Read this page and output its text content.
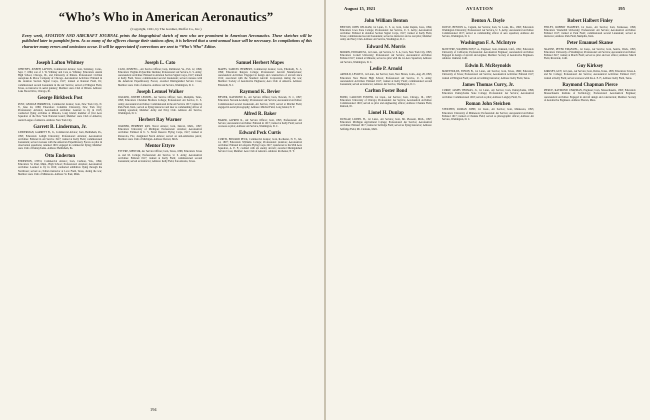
“Who’s Who in American Aeronautics”
(Copyright, 1921, by The Gardner, Moffat Co., Inc.)
Every week, AVIATION AND AIRCRAFT JOURNAL prints the biographical sketch of men who are prominent in American Aeronautics. These sketches will be published later in pamphlet form. As so many of the officers change their stations often, it is believed that a semi-annual issue will be necessary. In compilations of this character many errors and omissions occur. It will be appreciated if corrections are sent to “Who’s Who” Editor.
Joseph Lafton Whitney
WHITNEY, JOSEPH LAFTON, Commercial Aviator; born, Salisbury, Conn., Sept. 7, 1894; son of J. W. Whitney and Cora A. Whitney. Education: Austin High School, Chicago, Ill., and University of Illinois. Professional: Civilian Aeroplane & Motor Company of Chicago. Aeronautical Activities: Enlisted in the Aviation Section Signal Corps, 1917; trained at Rantoul Field, Ill.; commissioned second Lieutenant in the Air Service; served at Ellington Field, Texas, as instructor in aerial gunnery; Member: Aero Club of Illinois. Address: Lake Shore Drive, Chicago, Ill.
George Birkbeck Post
POST, GEORGE BIRKBECK, Commercial Aviator; born, New York City, N. Y., June 24, 1889; Education: Columbia University, New York City; Professional: Aviation; Aeronautical Activities: Learned to fly in 1913; conducted flying activities at Mineola, Long Island; member of first Aero Squadron of the New York National Guard; Member: Aero Club of America; Aerial League of America. Address: New York City.
Garrett B. Linderman, Jr.
LINDERMAN, GARRETT B., Jr., Commercial Aviator; born, Bethlehem, Pa., 1895; Education: Lehigh University; Professional: Aviation; Aeronautical Activities: Enlisted in Air Service 1917; trained at Kelly Field; commissioned Lieutenant; served overseas with the American Expeditionary Forces as pilot in observation squadrons; returned 1919; engaged in commercial flying; Member: Aero Club of Pennsylvania. Address: Bethlehem, Pa.
Otto Enderton
ENDERTON, OTTO, Commercial Aviator; born, Cashton, Wis., 1894; Education: St. Paul, Minn., High School; Professional: Aviation; Aeronautical Activities: Learned to fly in 1916; conducted exhibition flying through the Northwest; served as civilian instructor at Love Field, Texas, during the war; Member: Aero Club of Minnesota. Address: St. Paul, Minn.
Joseph L. Cato
CATO, JOSEPH L., Air Service Officer; born, Richmond, Va., Feb. 12, 1896; Education: Virginia Polytechnic Institute; Professional: Air Service, U. S. Army; Aeronautical Activities: Enlisted in Aviation Section Signal Corps, 1917; trained at Kelly Field, Texas; commissioned second Lieutenant; served overseas with the American Expeditionary Forces; awarded Distinguished Service Cross; Member: Aero Club of America. Address: Air Service, Washington, D. C.
Joseph Lemuel Walker
WALKER, JOSEPH LEMUEL, Air Service Officer; born, Memphis, Tenn., 1893; Education: Christian Brothers College; Professional: Air Service, U. S. Army; Aeronautical Activities: Commissioned in the Air Service 1917; trained at Park Field, Tenn.; served as flying instructor and later as commanding officer of training squadron; Member: Army and Navy Club. Address: Air Service, Washington, D. C.
Herbert Ray Warner
WARNER, HERBERT RAY, Naval Aviator; born, Detroit, Mich., 1897; Education: University of Michigan; Professional: Aviation; Aeronautical Activities: Enlisted in U. S. Naval Reserve Flying Corps, 1917; trained at Pensacola, Fla.; designated Naval Aviator; served on anti-submarine patrol; Member: Aero Club of Michigan. Address: Detroit, Mich.
Mentor Ettyre
ETTYRE, MENTOR, Air Service Officer; born, Texas, 1896; Education: Texas A. and M. College; Professional: Air Service, U. S. Army; Aeronautical Activities: Enlisted 1917; trained at Kelly Field; commissioned second Lieutenant; served as instructor; Address: Kelly Field, San Antonio, Texas.
Samuel Herbert Mapes
MAPES, SAMUEL HERBERT, Commercial Aviator; born, Elizabeth, N. J., 1890; Education: Rutgers College; Professional: Aircraft Manufacturer; Aeronautical Activities: Engaged in design and construction of aircraft since 1912; associated with the Standard Aircraft Corporation during the war; Member: Society of Automotive Engineers; Aero Club of America. Address: Elizabeth, N. J.
Raymond K. Bevier
BEVIER, RAYMOND K., Air Service Officer; born, Newark, N. J., 1897; Education: Newark Academy; Professional: Air Service; Aeronautical Activities: Commissioned second Lieutenant, Air Service, 1918; served at Mitchel Field; engaged in aerial photography; Address: Mitchel Field, Long Island, N. Y.
Alfred R. Baker
BAKER, ALFRED R., Air Service Officer; born, 1895; Professional: Air Service; Aeronautical Activities: Enlisted in 1917; trained at Kelly Field; served overseas as pilot; Address: Air Service, Washington, D. C.
Edward Peck Curtis
CURTIS, EDWARD PECK, Commercial Aviator; born, Rochester, N. Y., Jan. 14, 1897; Education: Williams College; Professional: Aviation; Aeronautical Activities: Enlisted in Lafayette Flying Corps 1917; transferred to the 95th Aero Squadron, A. E. F.; credited with six enemy aircraft; awarded Distinguished Service Cross; Member: Aero Club of America. Address: Rochester, N. Y.
194
August 15, 1921	AVIATION	195
John William Benton
BENTON, JOHN WILLIAM, 1st Lieut., U. S. A.; born, Cedar Rapids, Iowa, 1894; Education: Iowa State College; Professional: Air Service, U. S. Army; Aeronautical Activities: Enlisted in Aviation Section Signal Corps, 1917; trained at Kelly Field, Texas; commissioned second Lieutenant; served as instructor and as test pilot; Member: Army and Navy Club. Address: Air Service, Washington, D. C.
Edward M. Morris
MORRIS, EDWARD M., 1st Lieut., Air Service, U. S. A.; born, New York City, 1895; Education: Cornell University; Professional: Air Service; Aeronautical Activities: Enlisted 1917; trained at Mineola; served as pilot with the 1st Aero Squadron; Address: Air Service, Washington, D. C.
Leslie P. Arnold
ARNOLD, LESLIE P., 1st Lieut., Air Service; born, New Haven, Conn., Aug. 28, 1893; Education: New Haven High School; Professional: Air Service, U. S. Army; Aeronautical Activities: Enlisted 1917; trained at Kelly Field; commissioned second Lieutenant; served as instructor; Address: Air Service, Washington, D. C.
Carlton Foster Bond
BOND, CARLTON FOSTER, 1st Lieut., Air Service; born, Chicago, Ill., 1897; Education: University of Chicago; Professional: Air Service; Aeronautical Activities: Commissioned 1918; served as pilot and engineering officer; Address: Chanute Field, Rantoul, Ill.
Lionel H. Dunlap
DUNLAP, LIONEL H., 1st Lieut., Air Service; born, Mt. Pleasant, Mich., 1897; Education: Michigan Agricultural College; Professional: Air Service; Aeronautical Activities: Enlisted 1917; trained at Selfridge Field; served as flying instructor; Address: Selfridge Field, Mt. Clemens, Mich.
Benton A. Doyle
DOYLE, BENTON A., Captain, Air Service; born, St. Louis, Mo., 1893; Education: Washington University; Professional: Air Service, U. S. Army; Aeronautical Activities: Commissioned 1917; served as commanding officer of aero squadron; Address: Air Service, Washington, D. C.
Washington F. A. McIntyre
McINTYRE, WASHINGTON F. A., Engineer; born, Oakland, Calif., 1891; Education: University of California; Professional: Aeronautical Engineer; Aeronautical Activities: Engaged in design of aircraft and engines; Member: Society of Automotive Engineers. Address: Oakland, Calif.
Edwin B. McReynolds
McREYNOLDS, EDWIN B., 1st Lieut., Air Service; born, Texas, 1896; Education: University of Texas; Professional: Air Service; Aeronautical Activities: Enlisted 1917; trained at Ellington Field; served as bombing instructor; Address: Kelly Field, Texas.
James Thomas Curry, Jr.
CURRY, JAMES THOMAS, Jr., 1st Lieut., Air Service; born, Pennsylvania, 1896; Education: Pennsylvania State College; Professional: Air Service; Aeronautical Activities: Commissioned 1918; served as pilot; Address: Langley Field, Va.
Roman John Steichen
STEICHEN, ROMAN JOHN, 1st Lieut., Air Service; born, Minnesota, 1895; Education: University of Minnesota; Professional: Air Service; Aeronautical Activities: Enlisted 1917; trained at Chanute Field; served as photographic officer; Address: Air Service, Washington, D. C.
Robert Halbert Finley
FINLEY, ROBERT HALBERT, 1st Lieut., Air Service; born, Tennessee, 1896; Education: Vanderbilt University; Professional: Air Service; Aeronautical Activities: Enlisted 1917; trained at Park Field; commissioned second Lieutenant; served as instructor; Address: Park Field, Memphis, Tenn.
Peter Emanuel Skanse
SKANSE, PETER EMANUEL, 1st Lieut., Air Service; born, Seattle, Wash., 1895; Education: University of Washington; Professional: Air Service; Aeronautical Activities: Enlisted 1917; trained at March Field; served as pilot and test officer; Address: March Field, Riverside, Calif.
Guy Kirksey
KIRKSEY, GUY, 1st Lieut., Air Service; born, Dallas, Texas, 1895; Education: Texas A. and M. College; Professional: Air Service; Aeronautical Activities: Enlisted 1917; trained at Kelly Field; served overseas with the A. E. F.; Address: Kelly Field, Texas.
Raymond Chapman Pierce
PIERCE, RAYMOND CHAPMAN, Engineer; born, Massachusetts, 1893; Education: Massachusetts Institute of Technology; Professional: Aeronautical Engineer; Aeronautical Activities: Engaged in aircraft design and construction; Member: Society of Automotive Engineers. Address: Boston, Mass.
